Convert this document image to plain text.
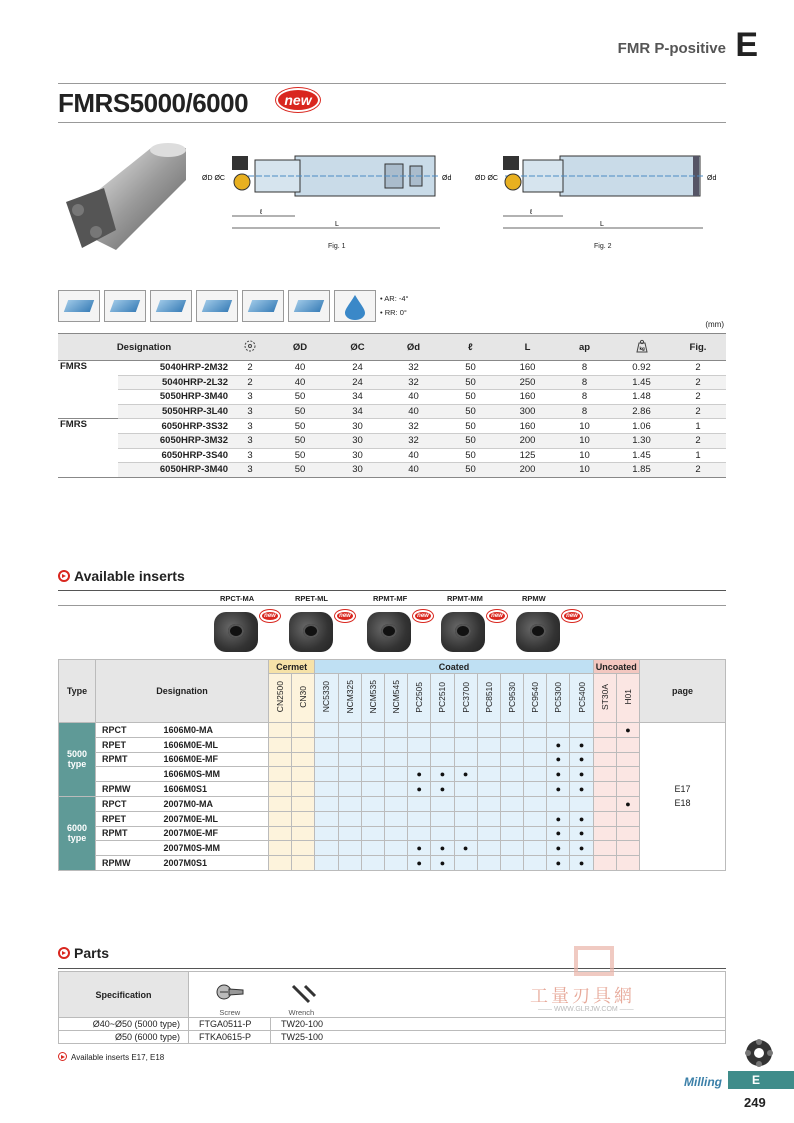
FMR P-positive E
FMRS5000/6000	new
ØD ØC	Ød
ℓ
L
Fig. 1
ØD ØC	Ød
ℓ
L
Fig. 2
• AR: -4°
• RR: 0°
(mm)
Designation			ØD	ØC	Ød	ℓ	L	ap	kg	Fig.
FMRS	5040HRP-2M32	2	40	24	32	50	160	8	0.92	2
	5040HRP-2L32	2	40	24	32	50	250	8	1.45	2
	5050HRP-3M40	3	50	34	40	50	160	8	1.48	2
	5050HRP-3L40	3	50	34	40	50	300	8	2.86	2
FMRS	6050HRP-3S32	3	50	30	32	50	160	10	1.06	1
	6050HRP-3M32	3	50	30	32	50	200	10	1.30	2
	6050HRP-3S40	3	50	30	40	50	125	10	1.45	1
	6050HRP-3M40	3	50	30	40	50	200	10	1.85	2
Available inserts
RPCT-MA
new
RPET-ML
new
RPMT-MF
new
RPMT-MM
new
RPMW
new
Type	Designation		Cermet		Coated												Uncoated		page
			CN2500	CN30	NC5330	NCM325	NCM535	NCM545	PC2505	PC2510	PC3700	PC8510	PC9530	PC9540	PC5300	PC5400	ST30A	H01	
5000 type	RPCT	1606M0-MA																●	E17
E18

	RPET	1606M0E-ML													●	●		
	RPMT	1606M0E-MF													●	●		
		1606M0S-MM							●	●	●				●	●		
	RPMW	1606M0S1							●	●					●	●		
6000 type	RPCT	2007M0-MA																●
	RPET	2007M0E-ML													●	●		
	RPMT	2007M0E-MF													●	●		
		2007M0S-MM							●	●	●				●	●		
	RPMW	2007M0S1							●	●					●	●		
Parts
Specification	Screw	Wrench

Ø40~Ø50 (5000 type)	FTGA0511-P	TW20-100
Ø50 (6000 type)	FTKA0615-P	TW25-100
Available inserts E17, E18
工量刃具網
—— WWW.GLRJW.COM ——
Milling	E
249
